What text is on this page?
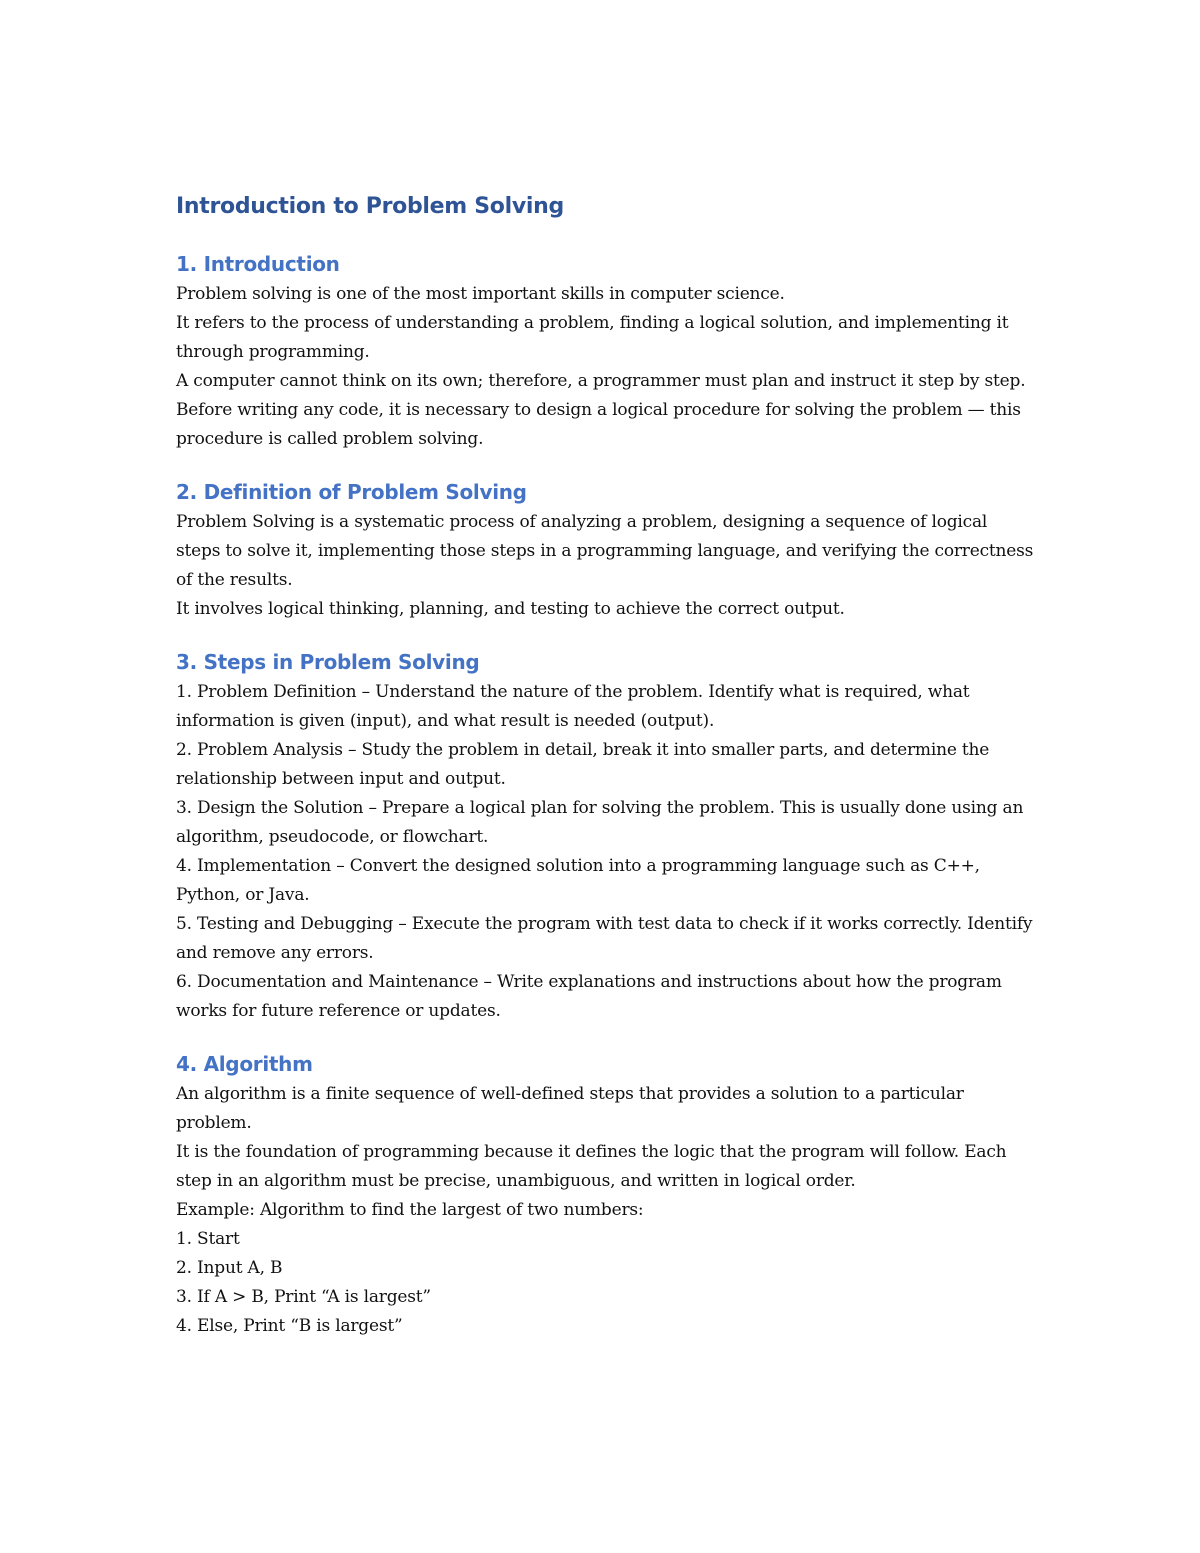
Introduction to Problem Solving
1. Introduction

Problem solving is one of the most important skills in computer science.

It refers to the process of understanding a problem, finding a logical solution, and implementing it through programming.

A computer cannot think on its own; therefore, a programmer must plan and instruct it step by step.

Before writing any code, it is necessary to design a logical procedure for solving the problem — this procedure is called problem solving.

2. Definition of Problem Solving

Problem Solving is a systematic process of analyzing a problem, designing a sequence of logical steps to solve it, implementing those steps in a programming language, and verifying the correctness of the results.

It involves logical thinking, planning, and testing to achieve the correct output.

3. Steps in Problem Solving

1. Problem Definition – Understand the nature of the problem. Identify what is required, what information is given (input), and what result is needed (output).

2. Problem Analysis – Study the problem in detail, break it into smaller parts, and determine the relationship between input and output.

3. Design the Solution – Prepare a logical plan for solving the problem. This is usually done using an algorithm, pseudocode, or flowchart.

4. Implementation – Convert the designed solution into a programming language such as C++, Python, or Java.

5. Testing and Debugging – Execute the program with test data to check if it works correctly. Identify and remove any errors.

6. Documentation and Maintenance – Write explanations and instructions about how the program works for future reference or updates.

4. Algorithm

An algorithm is a finite sequence of well-defined steps that provides a solution to a particular problem.

It is the foundation of programming because it defines the logic that the program will follow. Each step in an algorithm must be precise, unambiguous, and written in logical order.

Example: Algorithm to find the largest of two numbers:

1. Start

2. Input A, B

3. If A > B, Print “A is largest”

4. Else, Print “B is largest”
